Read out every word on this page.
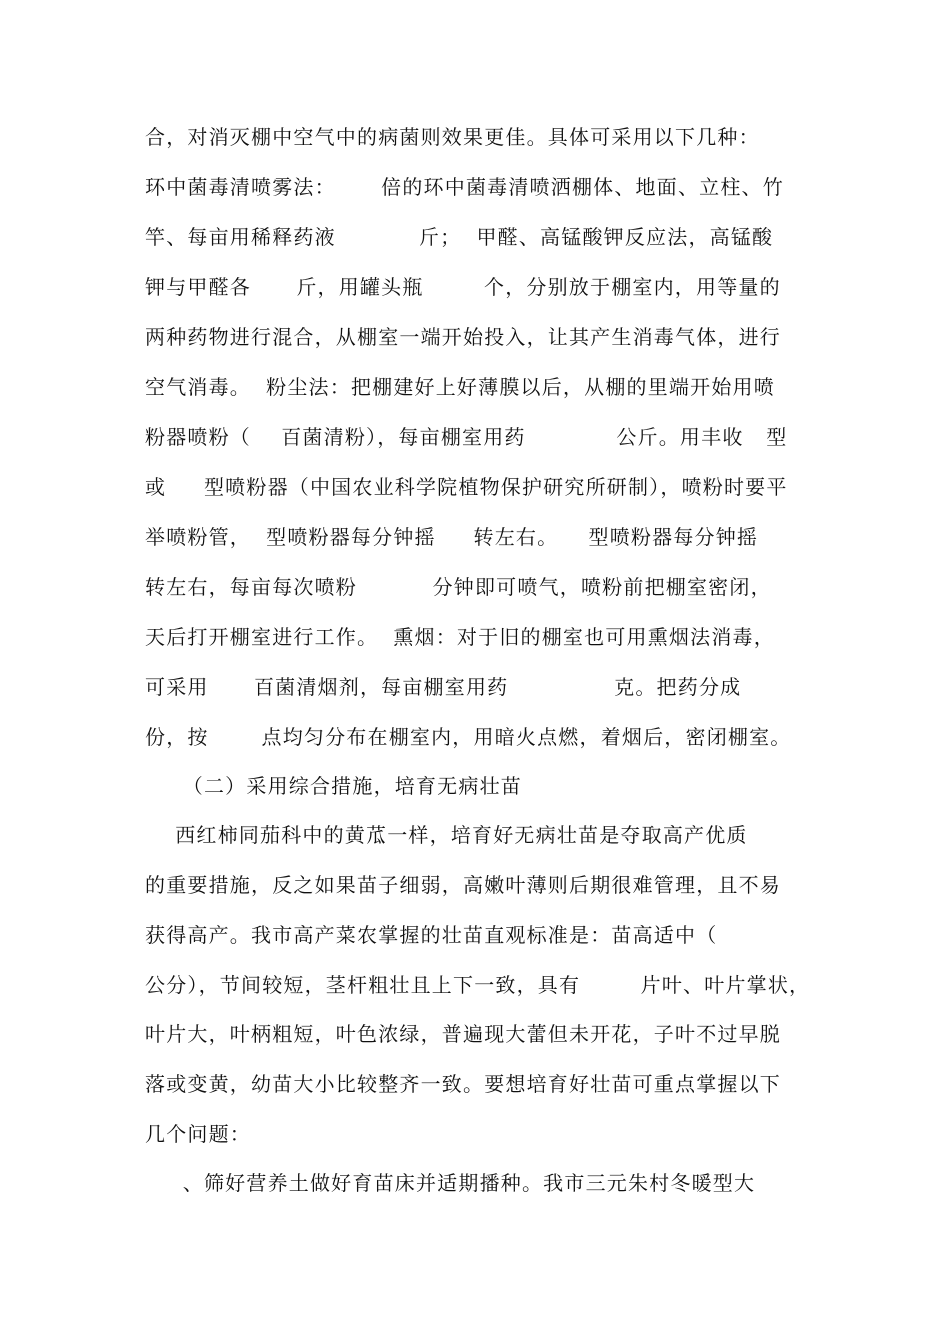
合，对消灭棚中空气中的病菌则效果更佳。具体可采用以下几种：
环中菌毒清喷雾法：      倍的环中菌毒清喷洒棚体、地面、立柱、竹
竿、每亩用稀释药液           斤；  甲醛、高锰酸钾反应法，高锰酸
钾与甲醛各      斤，用罐头瓶        个，分别放于棚室内，用等量的
两种药物进行混合，从棚室一端开始投入，让其产生消毒气体，进行
空气消毒。  粉尘法：把棚建好上好薄膜以后，从棚的里端开始用喷
粉器喷粉（    百菌清粉），每亩棚室用药            公斤。用丰收   型
或     型喷粉器（中国农业科学院植物保护研究所研制），喷粉时要平
举喷粉管，  型喷粉器每分钟摇     转左右。    型喷粉器每分钟摇
转左右，每亩每次喷粉          分钟即可喷气，喷粉前把棚室密闭，
天后打开棚室进行工作。  熏烟：对于旧的棚室也可用熏烟法消毒，
可采用      百菌清烟剂，每亩棚室用药              克。把药分成
份，按       点均匀分布在棚室内，用暗火点燃，着烟后，密闭棚室。
（二）采用综合措施，培育无病壮苗
西红柿同茄科中的黄苽一样，培育好无病壮苗是夺取高产优质
的重要措施，反之如果苗子细弱，高嫩叶薄则后期很难管理，且不易
获得高产。我市高产菜农掌握的壮苗直观标准是：苗高适中（
公分），节间较短，茎杆粗壮且上下一致，具有        片叶、叶片掌状，
叶片大，叶柄粗短，叶色浓绿，普遍现大蕾但未开花，子叶不过早脱
落或变黄，幼苗大小比较整齐一致。要想培育好壮苗可重点掌握以下
几个问题：
、筛好营养土做好育苗床并适期播种。我市三元朱村冬暖型大
